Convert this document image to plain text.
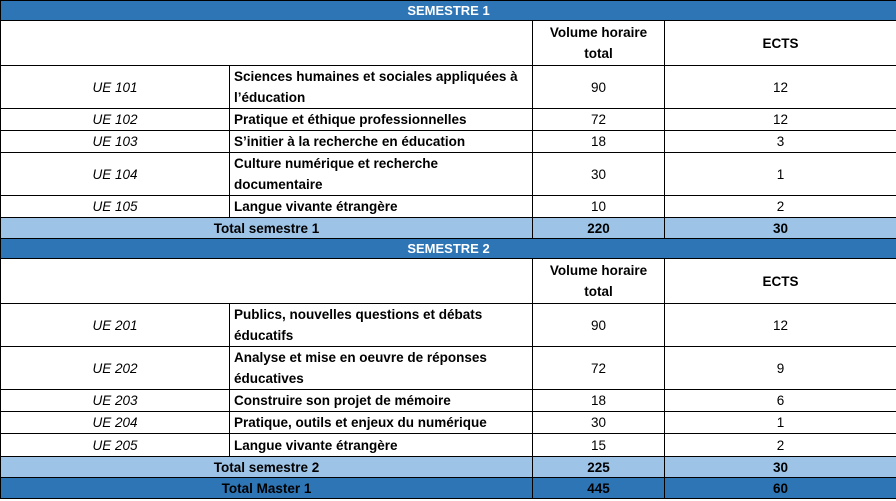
SEMESTRE 1			
		Volume horaire total	ECTS
UE 101	Sciences humaines et sociales appliquées à l’éducation	90	12
UE 102	Pratique et éthique professionnelles	72	12
UE 103	S’initier à la recherche en éducation	18	3
UE 104	Culture numérique et recherche documentaire	30	1
UE 105	Langue vivante étrangère	10	2
Total semestre 1		220	30
SEMESTRE 2			
		Volume horaire total	ECTS
UE 201	Publics, nouvelles questions et débats éducatifs	90	12
UE 202	Analyse et mise en oeuvre de réponses éducatives	72	9
UE 203	Construire son projet de mémoire	18	6
UE 204	Pratique, outils et enjeux du numérique	30	1
UE 205	Langue vivante étrangère	15	2
Total semestre 2		225	30
Total Master 1		445	60
